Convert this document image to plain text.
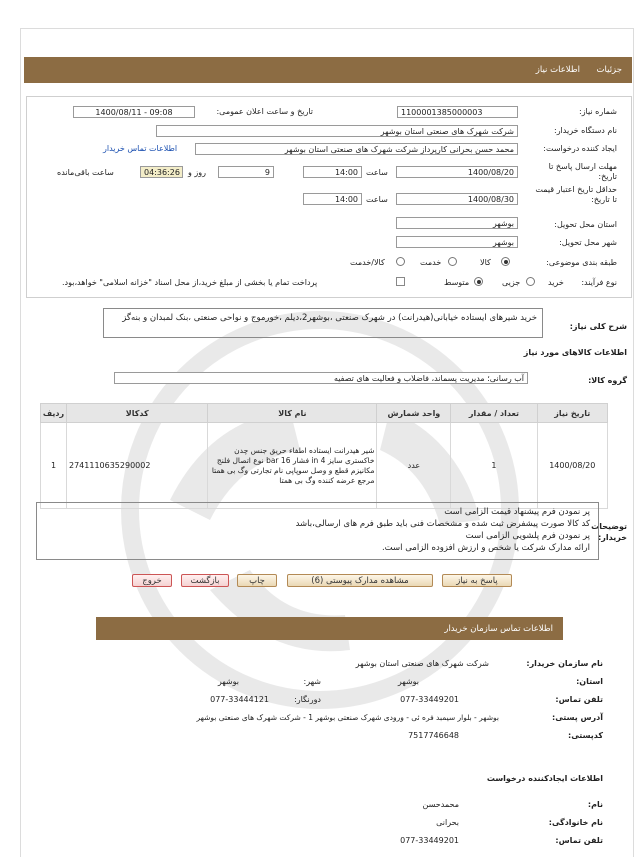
جزئیات
اطلاعات نیاز
شماره نیاز:
1100001385000003
تاریخ و ساعت اعلان عمومی:
1400/08/11 - 09:08
نام دستگاه خریدار:
شرکت شهرک های صنعتی استان بوشهر
ایجاد کننده درخواست:
محمد حسن بحرانی کارپرداز شرکت شهرک های صنعتی استان بوشهر
اطلاعات تماس خریدار
مهلت ارسال پاسخ تا تاریخ:
1400/08/20
ساعت
14:00
9
روز و
04:36:26
ساعت باقی‌مانده
حداقل تاریخ اعتبار قیمت تا تاریخ:
1400/08/30
ساعت
14:00
استان محل تحویل:
بوشهر
شهر محل تحویل:
بوشهر
طبقه بندی موضوعی:
کالا
خدمت
کالا/خدمت
نوع فرآیند:
خرید
جزیی
متوسط
پرداخت تمام یا بخشی از مبلغ خرید،از محل اسناد "خزانه اسلامی" خواهد،بود.
شرح کلی نیاز:
خرید شیرهای ایستاده خیابانی(هیدرانت) در شهرک صنعتی ،بوشهر2،دیلم ،خورموج و نواحی صنعتی ،بنک لمبدان و بنه‌گز
اطلاعات کالاهای مورد نیاز
گروه کالا:
آب رسانی؛ مدیریت پسماند، فاضلاب و فعالیت های تصفیه
تاریخ نیاز	تعداد / مقدار	واحد شمارش	نام کالا	کدکالا	ردیف
1400/08/20	1	عدد	شیر هیدرانت ایستاده اطفاء حریق جنس چدن خاکستری سایز 4 in فشار 16 bar نوع اتصال فلنج مکانیزم قطع و وصل سوپاپی نام تجارتی وگ بی همتا مرجع عرضه کننده وگ بی همتا	2741110635290002	1
توضیحات خریدار:
پر نمودن فرم پیشنهاد قیمت الزامی است
کد کالا صورت پیشفرض ثبت شده و مشخصات فنی باید طبق فرم های ارسالی،باشد
پر نمودن فرم پلشویی الزامی است
ارائه مدارک شرکت یا شخص و ارزش افزوده الزامی است.
پاسخ به نیاز
مشاهده مدارک پیوستی (6)
چاپ
بازگشت
خروج
اطلاعات تماس سازمان خریدار
نام سازمان خریدار:
شرکت شهرک های صنعتی استان بوشهر
استان:
بوشهر
شهر:
بوشهر
تلفن تماس:
077-33449201
دورنگار:
077-33444121
آدرس پستی:
بوشهر - بلوار سیمبد فره ئی - ورودی شهرک صنعتی بوشهر 1 - شرکت شهرک های صنعتی بوشهر
کدپستی:
7517746648
اطلاعات ایجادکننده درخواست
نام:
محمدحسن
نام خانوادگی:
بحرانی
تلفن تماس:
077-33449201
